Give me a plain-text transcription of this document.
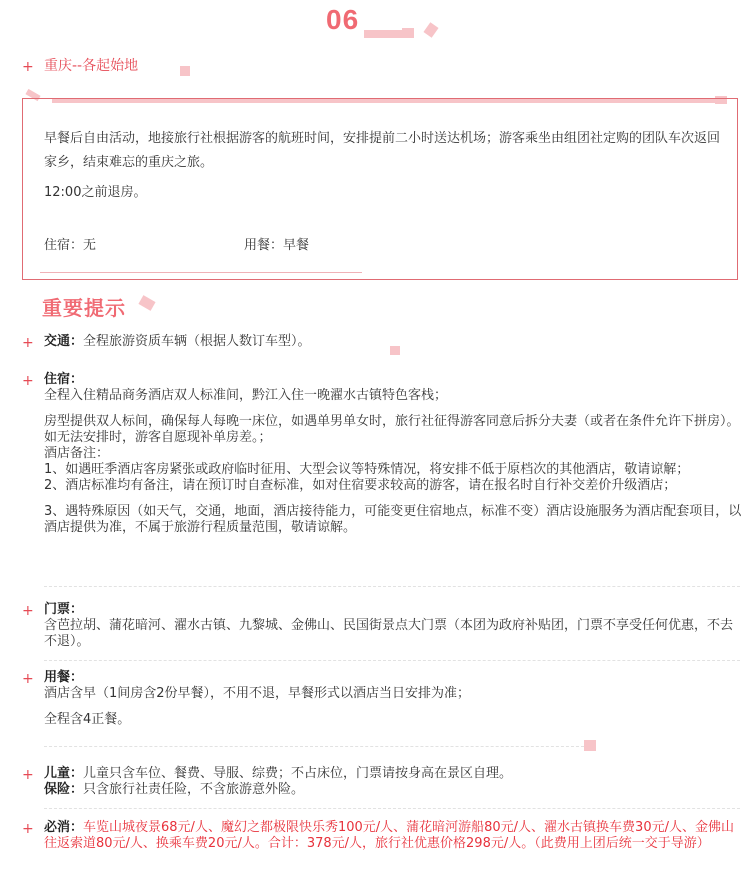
06
+ 重庆--各起始地
早餐后自由活动，地接旅行社根据游客的航班时间，安排提前二小时送达机场；游客乘坐由组团社定购的团队车次返回家乡，结束难忘的重庆之旅。
12:00之前退房。
住宿：无	用餐：早餐
重要提示
+ 交通：全程旅游资质车辆（根据人数订车型）。
+ 住宿：

全程入住精品商务酒店双人标准间，黔江入住一晚濯水古镇特色客栈；

房型提供双人标间，确保每人每晚一床位，如遇单男单女时，旅行社征得游客同意后拆分夫妻（或者在条件允许下拼房）。如无法安排时，游客自愿现补单房差。；

酒店备注：

1、如遇旺季酒店客房紧张或政府临时征用、大型会议等特殊情况，将安排不低于原档次的其他酒店，敬请谅解；

2、酒店标准均有备注，请在预订时自查标准，如对住宿要求较高的游客，请在报名时自行补交差价升级酒店；

3、遇特殊原因（如天气，交通，地面，酒店接待能力，可能变更住宿地点，标准不变）酒店设施服务为酒店配套项目，以酒店提供为准，不属于旅游行程质量范围，敬请谅解。

+ 门票：

含芭拉胡、蒲花暗河、濯水古镇、九黎城、金佛山、民国街景点大门票（本团为政府补贴团，门票不享受任何优惠，不去不退）。

+ 用餐：

酒店含早（1间房含2份早餐），不用不退，早餐形式以酒店当日安排为准；

全程含4正餐。

+ 儿童：儿童只含车位、餐费、导服、综费；不占床位，门票请按身高在景区自理。

保险：只含旅行社责任险，不含旅游意外险。

+ 必消：车览山城夜景68元/人、魔幻之都极限快乐秀100元/人、蒲花暗河游船80元/人、濯水古镇换车费30元/人、金佛山往返索道80元/人、换乘车费20元/人。合计：378元/人，旅行社优惠价格298元/人。（此费用上团后统一交于导游）
